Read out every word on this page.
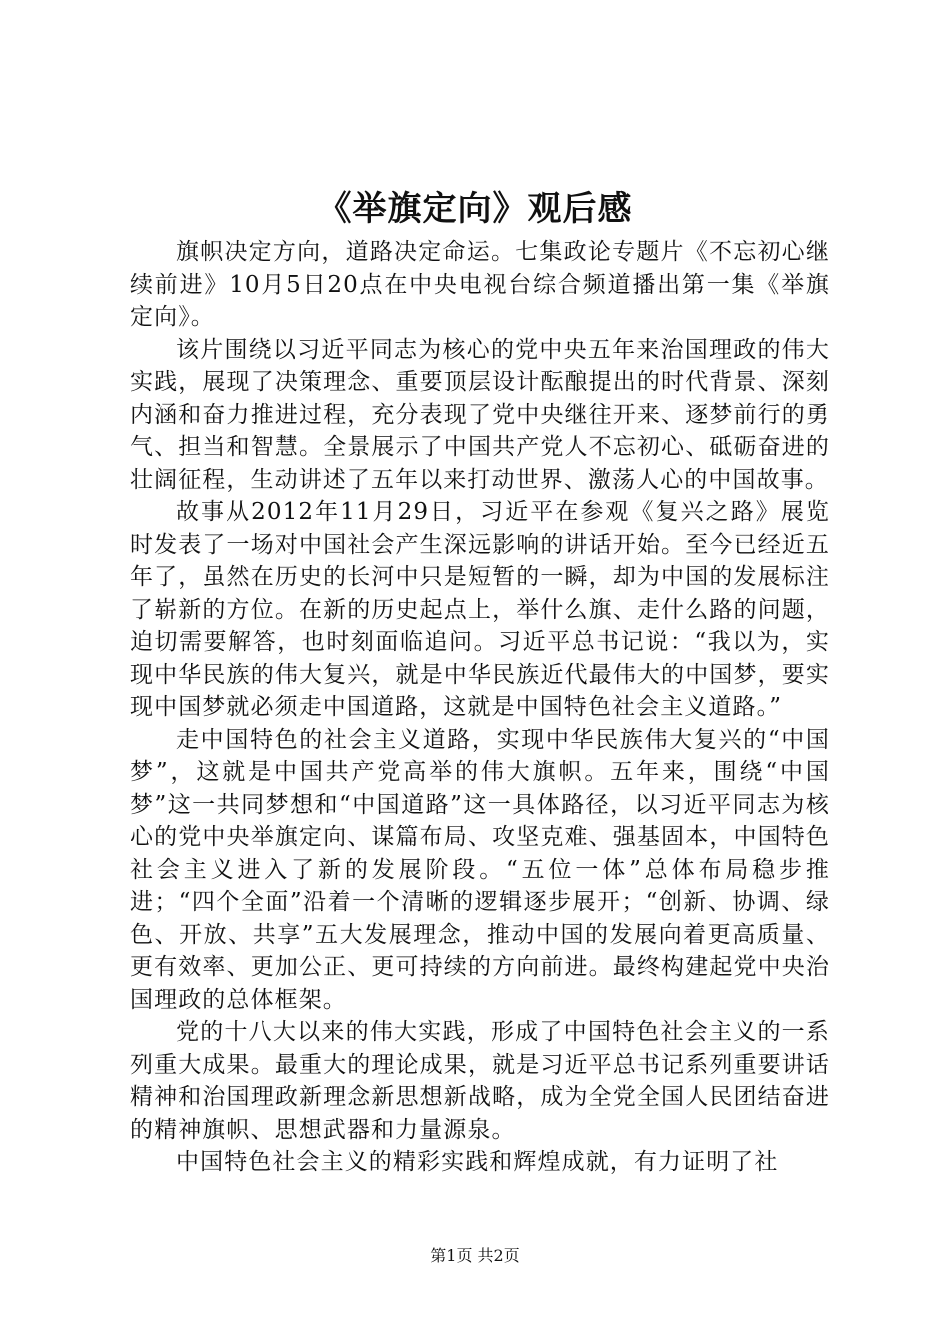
《举旗定向》观后感

旗帜决定方向，道路决定命运。七集政论专题片《不忘初心继续前进》10月5日20点在中央电视台综合频道播出第一集《举旗定向》。

该片围绕以习近平同志为核心的党中央五年来治国理政的伟大实践，展现了决策理念、重要顶层设计酝酿提出的时代背景、深刻内涵和奋力推进过程，充分表现了党中央继往开来、逐梦前行的勇气、担当和智慧。全景展示了中国共产党人不忘初心、砥砺奋进的壮阔征程，生动讲述了五年以来打动世界、激荡人心的中国故事。

故事从2012年11月29日，习近平在参观《复兴之路》展览时发表了一场对中国社会产生深远影响的讲话开始。至今已经近五年了，虽然在历史的长河中只是短暂的一瞬，却为中国的发展标注了崭新的方位。在新的历史起点上，举什么旗、走什么路的问题，迫切需要解答，也时刻面临追问。习近平总书记说：“我以为，实现中华民族的伟大复兴，就是中华民族近代最伟大的中国梦，要实现中国梦就必须走中国道路，这就是中国特色社会主义道路。”

走中国特色的社会主义道路，实现中华民族伟大复兴的“中国梦”，这就是中国共产党高举的伟大旗帜。五年来，围绕“中国梦”这一共同梦想和“中国道路”这一具体路径，以习近平同志为核心的党中央举旗定向、谋篇布局、攻坚克难、强基固本，中国特色社会主义进入了新的发展阶段。“五位一体”总体布局稳步推进；“四个全面”沿着一个清晰的逻辑逐步展开；“创新、协调、绿色、开放、共享”五大发展理念，推动中国的发展向着更高质量、更有效率、更加公正、更可持续的方向前进。最终构建起党中央治国理政的总体框架。

党的十八大以来的伟大实践，形成了中国特色社会主义的一系列重大成果。最重大的理论成果，就是习近平总书记系列重要讲话精神和治国理政新理念新思想新战略，成为全党全国人民团结奋进的精神旗帜、思想武器和力量源泉。

中国特色社会主义的精彩实践和辉煌成就，有力证明了社

第1页 共2页
